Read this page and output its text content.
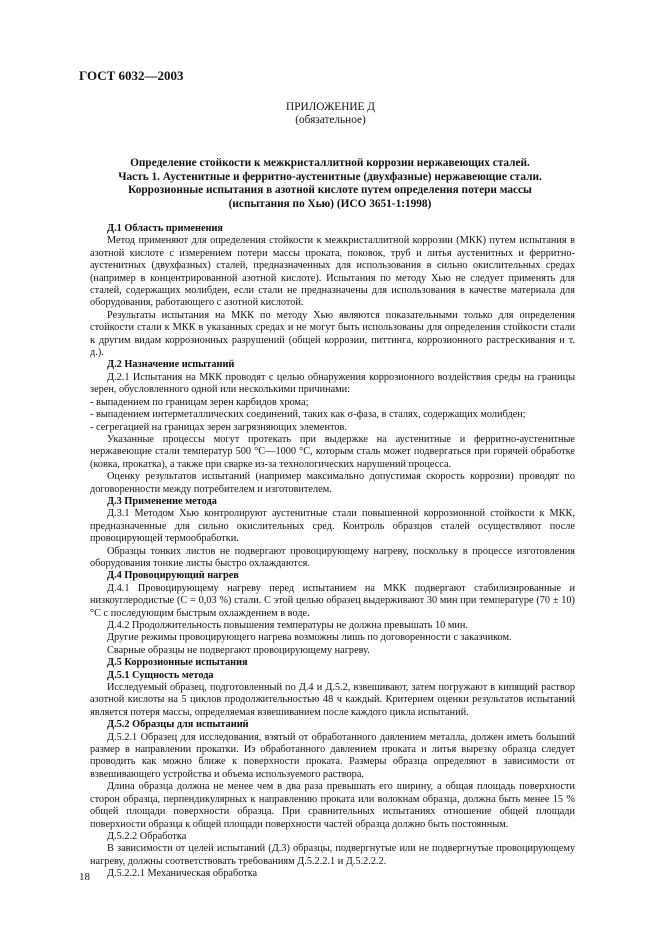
ГОСТ 6032—2003
ПРИЛОЖЕНИЕ Д
(обязательное)
Определение стойкости к межкристаллитной коррозии нержавеющих сталей.
Часть 1. Аустенитные и ферритно-аустенитные (двухфазные) нержавеющие стали.
Коррозионные испытания в азотной кислоте путем определения потери массы
(испытания по Хью) (ИСО 3651-1:1998)

Д.1 Область применения

Метод применяют для определения стойкости к межкристаллитной коррозии (МКК) путем испытания в азотной кислоте с измерением потери массы проката, поковок, труб и литья аустенитных и ферритно-аустенитных (двухфазных) сталей, предназначенных для использования в сильно окислительных средах (например в концентрированной азотной кислоте). Испытания по методу Хью не следует применять для сталей, содержащих молибден, если стали не предназначены для использования в качестве материала для оборудования, работающего с азотной кислотой.

Результаты испытания на МКК по методу Хью являются показательными только для определения стойкости стали к МКК в указанных средах и не могут быть использованы для определения стойкости стали к другим видам коррозионных разрушений (общей коррозии, питтинга, коррозионного растрескивания и т. д.).

Д.2 Назначение испытаний

Д.2.1 Испытания на МКК проводят с целью обнаружения коррозионного воздействия среды на границы зерен, обусловленного одной или несколькими причинами:

- выпадением по границам зерен карбидов хрома;

- выпадением интерметаллических соединений, таких как σ-фаза, в сталях, содержащих молибден;

- сегрегацией на границах зерен загрязняющих элементов.

Указанные процессы могут протекать при выдержке на аустенитные и ферритно-аустенитные нержавеющие стали температур 500 °С—1000 °С, которым сталь может подвергаться при горячей обработке (ковка, прокатка), а также при сварке из-за технологических нарушений процесса.

Оценку результатов испытаний (например максимально допустимая скорость коррозии) проводят по договоренности между потребителем и изготовителем.

Д.3 Применение метода

Д.3.1 Методом Хью контролируют аустенитные стали повышенной коррозионной стойкости к МКК, предназначенные для сильно окислительных сред. Контроль образцов сталей осуществляют после провоцирующей термообработки.

Образцы тонких листов не подвергают провоцирующему нагреву, поскольку в процессе изготовления оборудования тонкие листы быстро охлаждаются.

Д.4 Провоцирующий нагрев

Д.4.1 Провоцирующему нагреву перед испытанием на МКК подвергают стабилизированные и низкоуглеродистые (С = 0,03 %) стали. С этой целью образец выдерживают 30 мин при температуре (70 ± 10) °С с последующим быстрым охлаждением в воде.

Д.4.2 Продолжительность повышения температуры не должна превышать 10 мин.

Другие режимы провоцирующего нагрева возможны лишь по договоренности с заказчиком.

Сварные образцы не подвергают провоцирующему нагреву.

Д.5 Коррозионные испытания

Д.5.1 Сущность метода

Исследуемый образец, подготовленный по Д.4 и Д.5.2, взвешивают, затем погружают в кипящий раствор азотной кислоты на 5 циклов продолжительностью 48 ч каждый. Критерием оценки результатов испытаний является потеря массы, определяемая взвешиванием после каждого цикла испытаний.

Д.5.2 Образцы для испытаний

Д.5.2.1 Образец для исследования, взятый от обработанного давлением металла, должен иметь больший размер в направлении прокатки. Из обработанного давлением проката и литья вырезку образца следует проводить как можно ближе к поверхности проката. Размеры образца определяют в зависимости от взвешивающего устройства и объема используемого раствора.

Длина образца должна не менее чем в два раза превышать его ширину, а общая площадь поверхности сторон образца, перпендикулярных к направлению проката или волокнам образца, должна быть менее 15 % общей площади поверхности образца. При сравнительных испытаниях отношение общей площади поверхности образца к общей площади поверхности частей образца должно быть постоянным.

Д.5.2.2 Обработка

В зависимости от целей испытаний (Д.3) образцы, подвергнутые или не подвергнутые провоцирующему нагреву, должны соответствовать требованиям Д.5.2.2.1 и Д.5.2.2.2.

Д.5.2.2.1 Механическая обработка

18
